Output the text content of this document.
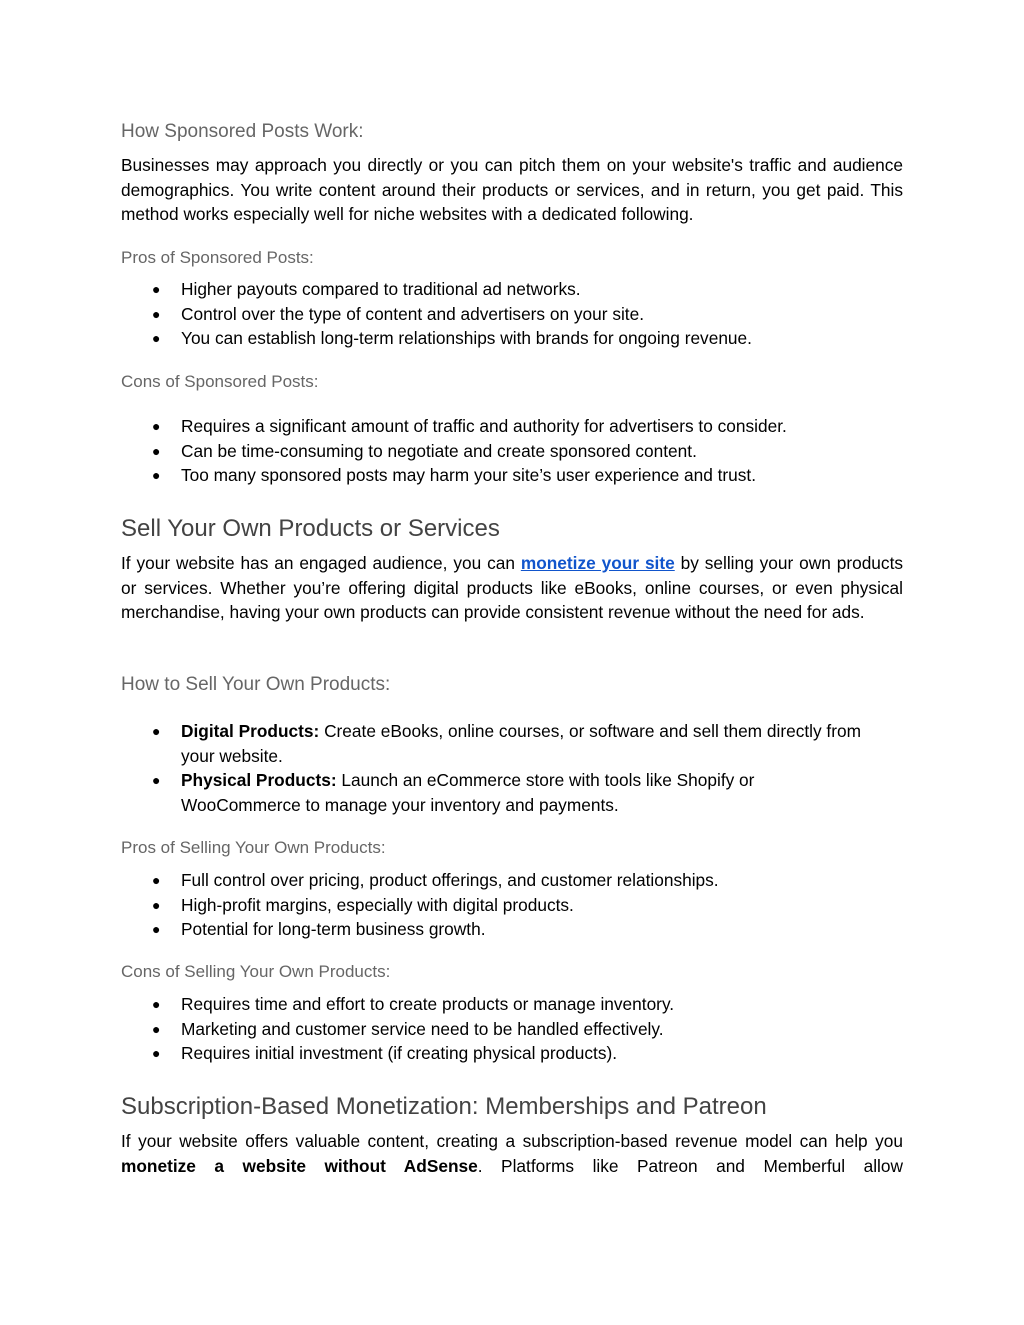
How Sponsored Posts Work:

Businesses may approach you directly or you can pitch them on your website's traffic and audience demographics. You write content around their products or services, and in return, you get paid. This method works especially well for niche websites with a dedicated following.

Pros of Sponsored Posts:
● Higher payouts compared to traditional ad networks.
● Control over the type of content and advertisers on your site.
● You can establish long-term relationships with brands for ongoing revenue.
Cons of Sponsored Posts:
● Requires a significant amount of traffic and authority for advertisers to consider.
● Can be time-consuming to negotiate and create sponsored content.
● Too many sponsored posts may harm your site’s user experience and trust.
Sell Your Own Products or Services

If your website has an engaged audience, you can monetize your site by selling your own products or services. Whether you’re offering digital products like eBooks, online courses, or even physical merchandise, having your own products can provide consistent revenue without the need for ads.

How to Sell Your Own Products:
● Digital Products: Create eBooks, online courses, or software and sell them directly from your website.
● Physical Products: Launch an eCommerce store with tools like Shopify or WooCommerce to manage your inventory and payments.
Pros of Selling Your Own Products:
● Full control over pricing, product offerings, and customer relationships.
● High-profit margins, especially with digital products.
● Potential for long-term business growth.
Cons of Selling Your Own Products:
● Requires time and effort to create products or manage inventory.
● Marketing and customer service need to be handled effectively.
● Requires initial investment (if creating physical products).
Subscription-Based Monetization: Memberships and Patreon

If your website offers valuable content, creating a subscription-based revenue model can help you monetize a website without AdSense. Platforms like Patreon and Memberful allow
